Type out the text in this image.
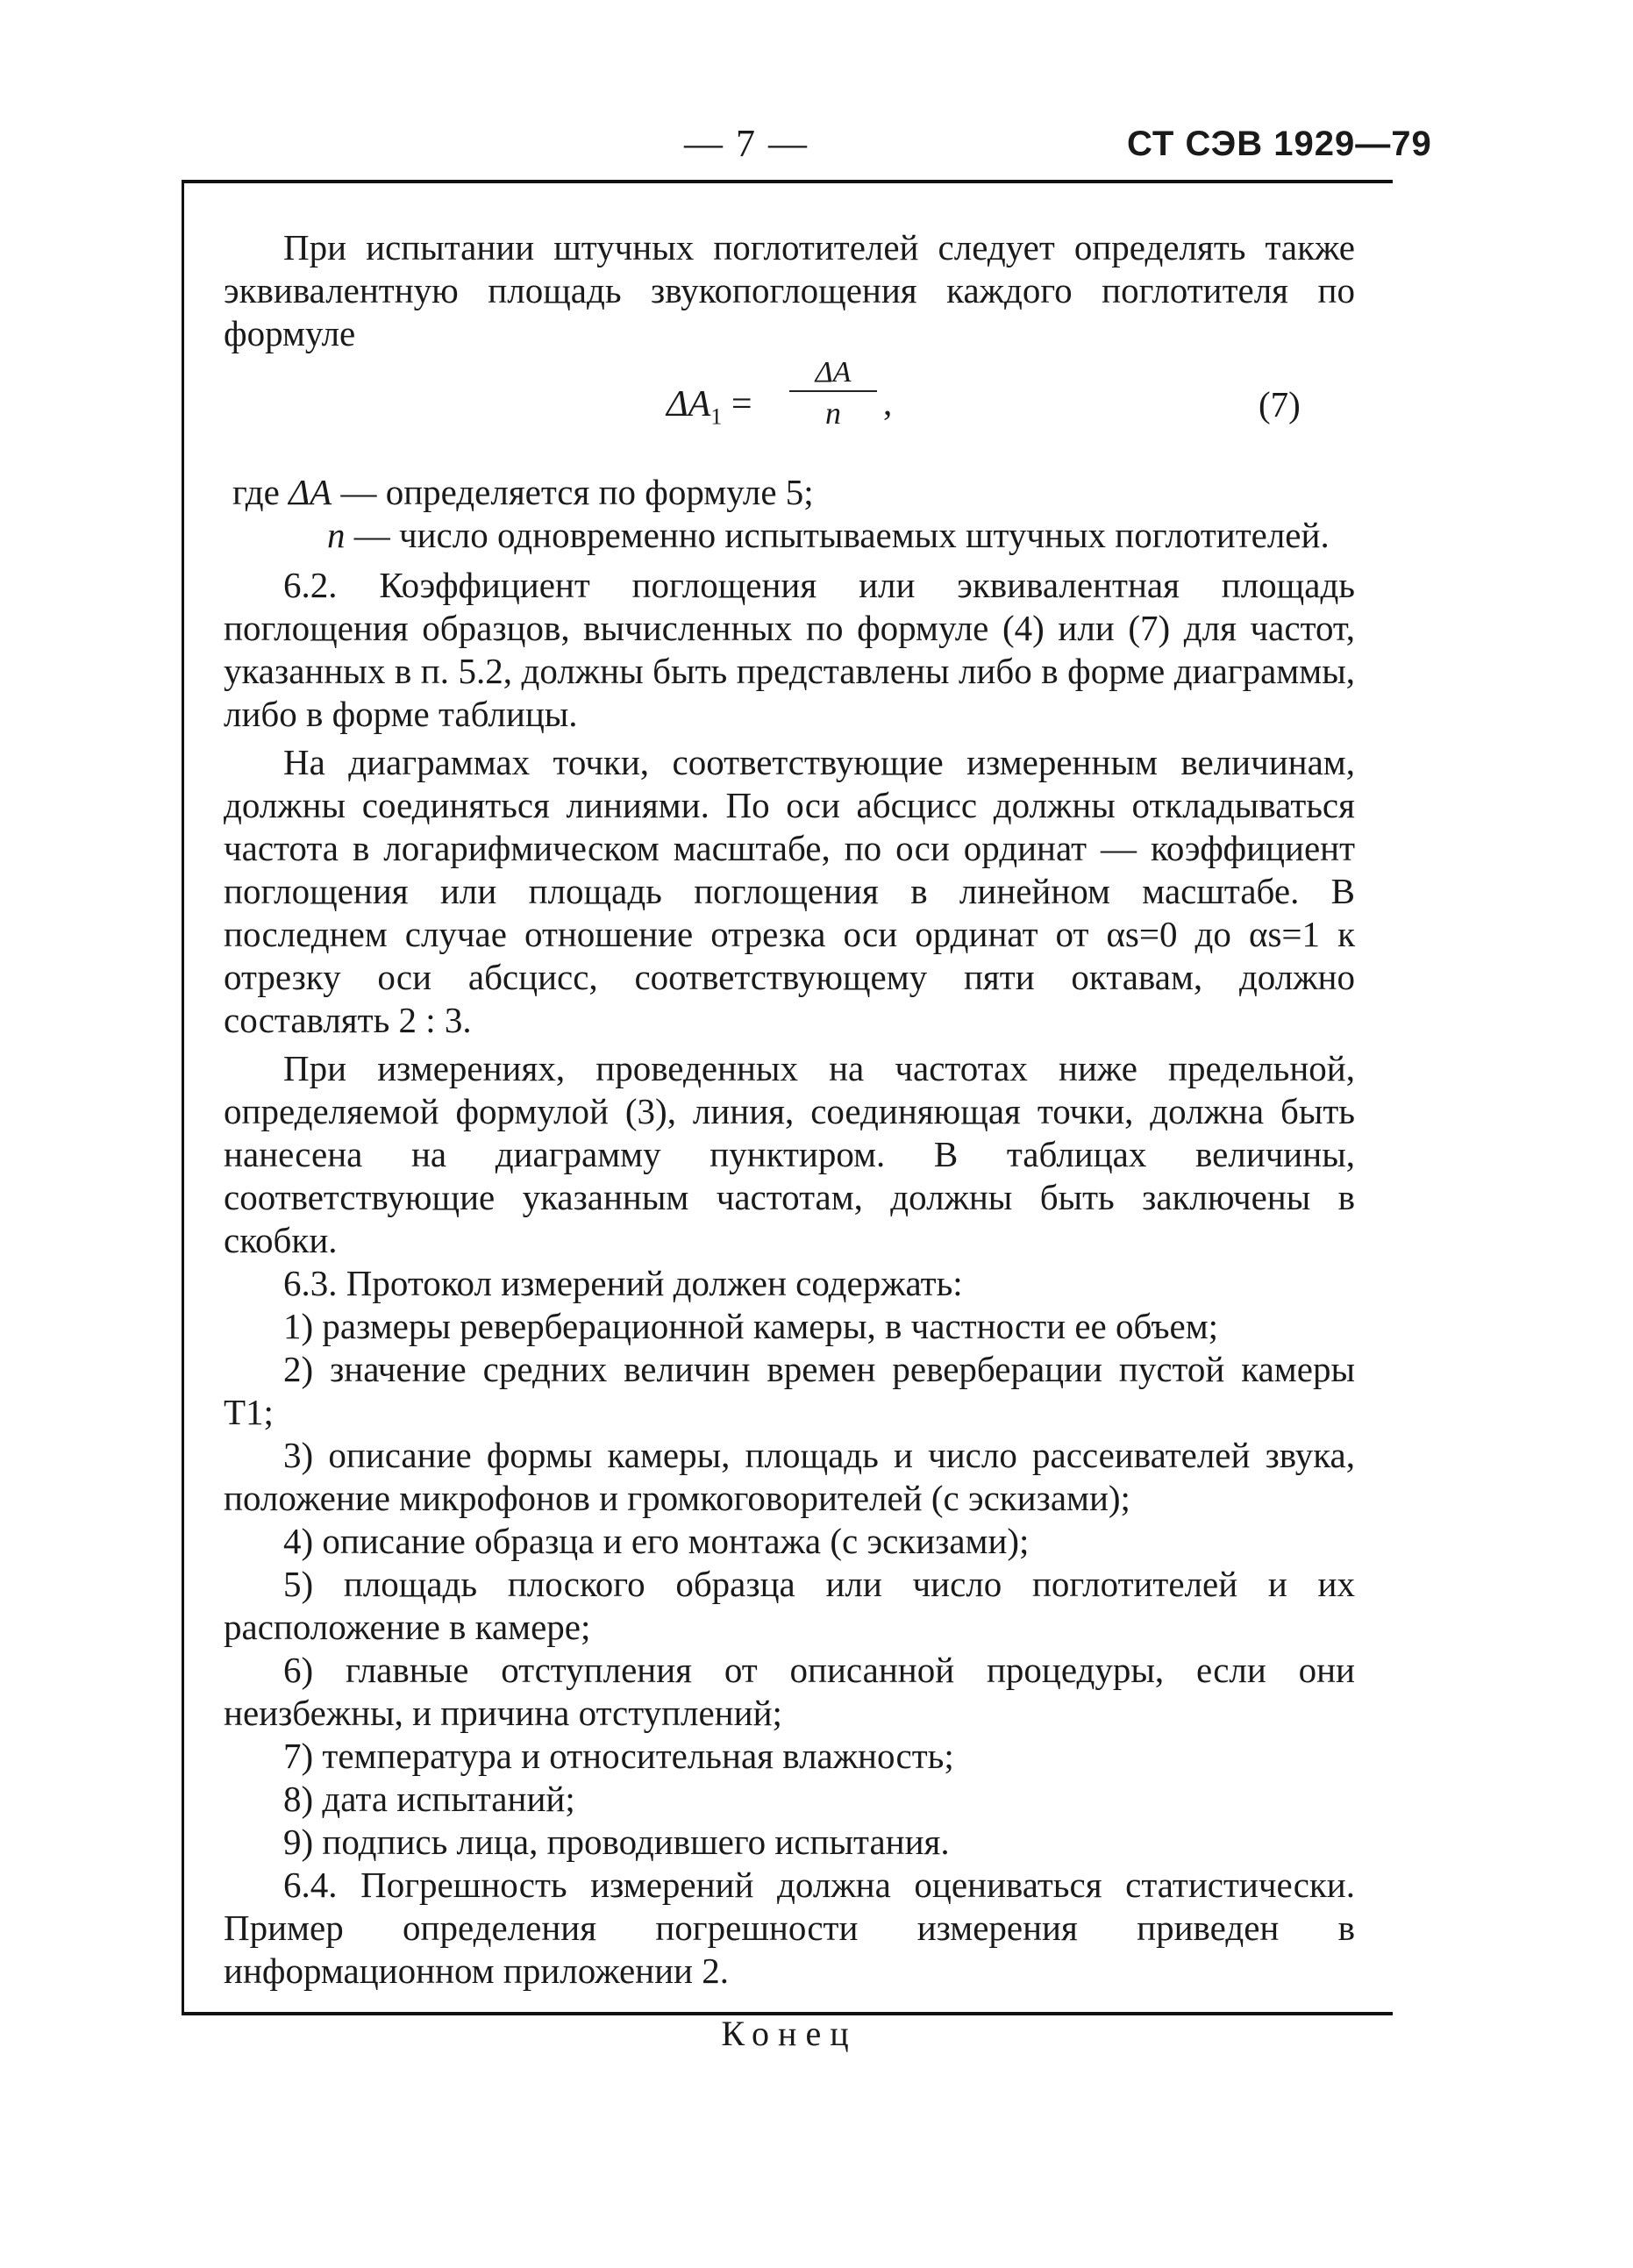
— 7 —	СТ СЭВ 1929—79

При испытании штучных поглотителей следует определять также эквивалентную площадь звукопоглощения каждого поглотителя по формуле

$\Delta A_1 = \frac{\Delta A}{n}$ ,	(7)

где ΔA — определяется по формуле 5;

n — число одновременно испытываемых штучных поглотителей.

6.2. Коэффициент поглощения или эквивалентная площадь поглощения образцов, вычисленных по формуле (4) или (7) для частот, указанных в п. 5.2, должны быть представлены либо в форме диаграммы, либо в форме таблицы.

На диаграммах точки, соответствующие измеренным величинам, должны соединяться линиями. По оси абсцисс должны откладываться частота в логарифмическом масштабе, по оси ординат — коэффициент поглощения или площадь поглощения в линейном масштабе. В последнем случае отношение отрезка оси ординат от αs=0 до αs=1 к отрезку оси абсцисс, соответствующему пяти октавам, должно составлять 2 : 3.

При измерениях, проведенных на частотах ниже предельной, определяемой формулой (3), линия, соединяющая точки, должна быть нанесена на диаграмму пунктиром. В таблицах величины, соответствующие указанным частотам, должны быть заключены в скобки.

6.3. Протокол измерений должен содержать:

1) размеры реверберационной камеры, в частности ее объем;

2) значение средних величин времен реверберации пустой камеры T1;

3) описание формы камеры, площадь и число рассеивателей звука, положение микрофонов и громкоговорителей (с эскизами);

4) описание образца и его монтажа (с эскизами);

5) площадь плоского образца или число поглотителей и их расположение в камере;

6) главные отступления от описанной процедуры, если они неизбежны, и причина отступлений;

7) температура и относительная влажность;

8) дата испытаний;

9) подпись лица, проводившего испытания.

6.4. Погрешность измерений должна оцениваться статистически. Пример определения погрешности измерения приведен в информационном приложении 2.

Конец
